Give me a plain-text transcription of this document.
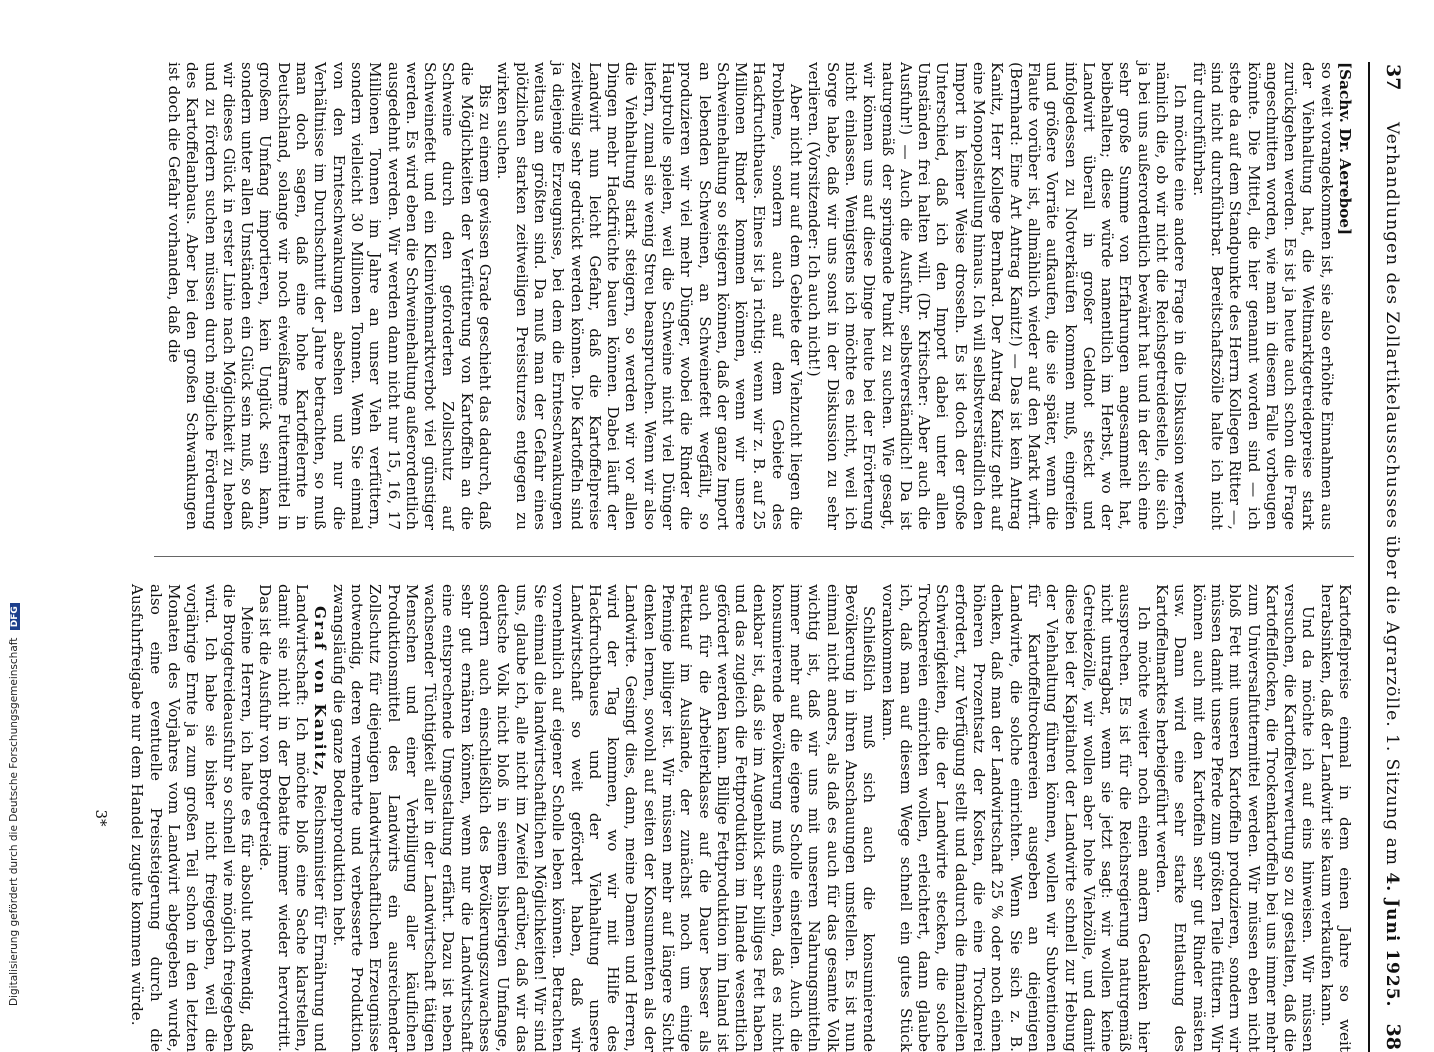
37
Verhandlungen des Zollartikelausschusses über die Agrarzölle. 1. Sitzung am 4. Juni 1925.
38

[Sachv. Dr. Aereboe]

so weit vorangekommen ist, sie also erhöhte Einnahmen aus der Viehhaltung hat, die Weltmarktgetreidepreise stark zurückgehen werden. Es ist ja heute auch schon die Frage angeschnitten worden, wie man in diesem Falle vorbeugen könnte. Die Mittel, die hier genannt worden sind — ich stehe da auf dem Standpunkte des Herrn Kollegen Ritter —, sind nicht durchführbar. Bereitschaftszölle halte ich nicht für durchführbar.

Ich möchte eine andere Frage in die Diskussion werfen, nämlich die, ob wir nicht die Reichsgetreidestelle, die sich ja bei uns außerordentlich bewährt hat und in der sich eine sehr große Summe von Erfahrungen angesammelt hat, beibehalten; diese würde namentlich im Herbst, wo der Landwirt überall in großer Geldnot steckt und infolgedessen zu Notverkäufen kommen muß, eingreifen und größere Vorräte aufkaufen, die sie später, wenn die Flaute vorüber ist, allmählich wieder auf den Markt wirft. (Bernhard: Eine Art Antrag Kanitz!) — Das ist kein Antrag Kanitz, Herr Kollege Bernhard. Der Antrag Kanitz geht auf eine Monopolstellung hinaus. Ich will selbstverständlich den Import in keiner Weise drosseln. Es ist doch der große Unterschied, daß ich den Import dabei unter allen Umständen frei halten will. (Dr. Kritscher: Aber auch die Ausfuhr!) — Auch die Ausfuhr, selbstverständlich! Da ist naturgemäß der springende Punkt zu suchen. Wie gesagt, wir können uns auf diese Dinge heute bei der Erörterung nicht einlassen. Wenigstens ich möchte es nicht, weil ich Sorge habe, daß wir uns sonst in der Diskussion zu sehr verlieren. (Vorsitzender: Ich auch nicht!)

Aber nicht nur auf dem Gebiete der Viehzucht liegen die Probleme, sondern auch auf dem Gebiete des Hackfruchtbaues. Eines ist ja richtig: wenn wir z. B. auf 25 Millionen Rinder kommen können, wenn wir unsere Schweinehaltung so steigern können, daß der ganze Import an lebenden Schweinen, an Schweinefett wegfällt, so produzieren wir viel mehr Dünger, wobei die Rinder die Hauptrolle spielen, weil die Schweine nicht viel Dünger liefern, zumal sie wenig Streu beanspruchen. Wenn wir also die Viehhaltung stark steigern, so werden wir vor allen Dingen mehr Hackfrüchte bauen können. Dabei läuft der Landwirt nun leicht Gefahr, daß die Kartoffelpreise zeitweilig sehr gedrückt werden können. Die Kartoffeln sind ja diejenige Erzeugnisse, bei dem die Ernteschwankungen weitaus am größten sind. Da muß man der Gefahr eines plötzlichen starken zeitweiligen Preissturzes entgegen zu wirken suchen.

Bis zu einem gewissen Grade geschieht das dadurch, daß die Möglichkeiten der Verfütterung von Kartoffeln an die Schweine durch den geforderten Zollschutz auf Schweinefett und ein Kleinviehmarktverbot viel günstiger werden. Es wird eben die Schweinehaltung außerordentlich ausgedehnt werden. Wir werden dann nicht nur 15, 16, 17 Millionen Tonnen im Jahre an unser Vieh verfüttern, sondern vielleicht 30 Millionen Tonnen. Wenn Sie einmal von den Ernteschwankungen absehen und nur die Verhältnisse im Durchschnitt der Jahre betrachten, so muß man doch sagen, daß eine hohe Kartoffelernte in Deutschland, solange wir noch eiweißarme Futtermittel in großem Umfang importieren, kein Unglück sein kann, sondern unter allen Umständen ein Glück sein muß, so daß wir dieses Glück in erster Linie nach Möglichkeit zu heben und zu fördern suchen müssen durch mögliche Förderung des Kartoffelanbaus. Aber bei den großen Schwankungen ist doch die Gefahr vorhanden, daß die

Kartoffelpreise einmal in dem einen Jahre so weit herabsinken, daß der Landwirt sie kaum verkaufen kann.

Und da möchte ich auf eins hinweisen. Wir müssen versuchen, die Kartoffelverwertung so zu gestalten, daß die Kartoffelflocken, die Trockenkartoffeln bei uns immer mehr zum Universalfuttermittel werden. Wir müssen eben nicht bloß Fett mit unseren Kartoffeln produzieren, sondern wir müssen damit unsere Pferde zum größten Teile füttern. Wir können auch mit den Kartoffeln sehr gut Rinder mästen usw. Dann wird eine sehr starke Entlastung des Kartoffelmarktes herbeigeführt werden.

Ich möchte weiter noch einen andern Gedanken hier aussprechen. Es ist für die Reichsregierung naturgemäß nicht untragbar, wenn sie jetzt sagt: wir wollen keine Getreidezölle, wir wollen aber hohe Viehzölle, und damit diese bei der Kapitalnot der Landwirte schnell zur Hebung der Viehhaltung führen können, wollen wir Subventionen für Kartoffeltrocknereien ausgeben an diejenigen Landwirte, die solche einrichten. Wenn Sie sich z. B. denken, daß man der Landwirtschaft 25 % oder noch einen höheren Prozentsatz der Kosten, die eine Trocknerei erfordert, zur Verfügung stellt und dadurch die finanziellen Schwierigkeiten, die der Landwirte stecken, die solche Trocknereien einrichten wollen, erleichtert, dann glaube ich, daß man auf diesem Wege schnell ein gutes Stück vorankommen kann.

Schließlich muß sich auch die konsumierende Bevölkerung in ihren Anschauungen umstellen. Es ist nun einmal nicht anders, als daß es auch für das gesamte Volk wichtig ist, daß wir uns mit unseren Nahrungsmitteln immer mehr auf die eigene Scholle einstellen. Auch die konsumierende Bevölkerung muß einsehen, daß es nicht denkbar ist, daß sie im Augenblick sehr billiges Fett haben und das zugleich die Fettproduktion im Inlande wesentlich gefördert werden kann. Billige Fettproduktion im Inland ist auch für die Arbeiterklasse auf die Dauer besser als Fettkauf im Auslande, der zunächst noch um einige Pfennige billiger ist. Wir müssen mehr auf längere Sicht denken lernen, sowohl auf seiten der Konsumenten als der Landwirte. Gesingt dies, dann, meine Damen und Herren, wird der Tag kommen, wo wir mit Hilfe des Hackfruchtbaues und der Viehhaltung unsere Landwirtschaft so weit gefördert haben, daß wir vornehmlich auf eigener Scholle leben können. Betrachten Sie einmal die landwirtschaftlichen Möglichkeiten! Wir sind uns, glaube ich, alle nicht im Zweifel darüber, daß wir das deutsche Volk nicht bloß in seinem bisherigen Umfange, sondern auch einschließlich des Bevölkerungszuwachses sehr gut ernähren können, wenn nur die Landwirtschaft eine entsprechende Umgestaltung erfährt. Dazu ist neben wachsender Tüchtigkeit aller in der Landwirtschaft tätigen Menschen und einer Verbilligung aller käuflichen Produktionsmittel des Landwirts ein ausreichender Zollschutz für diejenigen landwirtschaftlichen Erzeugnisse notwendig, deren vermehrte und verbesserte Produktion zwangsläufig die ganze Bodenproduktion hebt.

Graf von Kanitz, Reichsminister für Ernährung und Landwirtschaft: Ich möchte bloß eine Sache klarstellen, damit sie nicht in der Debatte immer wieder hervortritt. Das ist die Ausfuhr von Brotgetreide.

Meine Herren, ich halte es für absolut notwendig, daß die Brotgetreideausfuhr so schnell wie möglich freigegeben wird. Ich habe sie bisher nicht freigegeben, weil die vorjährige Ernte ja zum großen Teil schon in den letzten Monaten des Vorjahres vom Landwirt abgegeben wurde, also eine eventuelle Preissteigerung durch die Ausfuhrfreigabe nur dem Handel zugute kommen würde.

3*
Digitalisierung gefördert durch die Deutsche Forschungsgemeinschaft DFG
